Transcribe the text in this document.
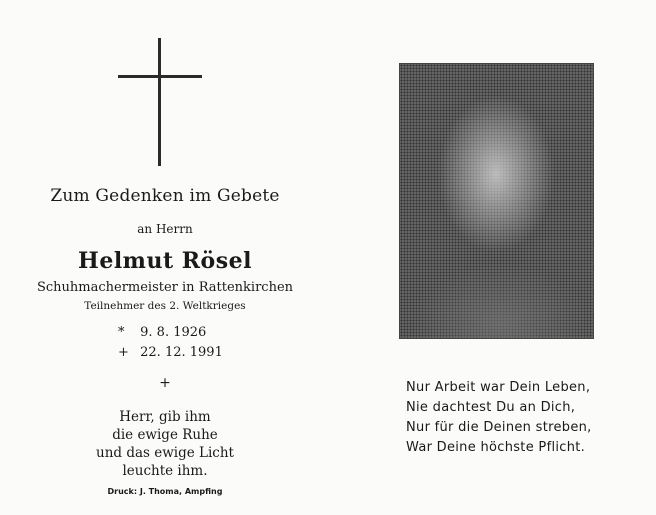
Zum Gedenken im Gebete
an Herrn
Helmut Rösel
Schuhmachermeister in Rattenkirchen
Teilnehmer des 2. Weltkrieges
* 9. 8. 1926
+ 22. 12. 1991
+
Herr, gib ihm
die ewige Ruhe
und das ewige Licht
leuchte ihm.
Druck: J. Thoma, Ampfing
Nur Arbeit war Dein Leben,
Nie dachtest Du an Dich,
Nur für die Deinen streben,
War Deine höchste Pflicht.
